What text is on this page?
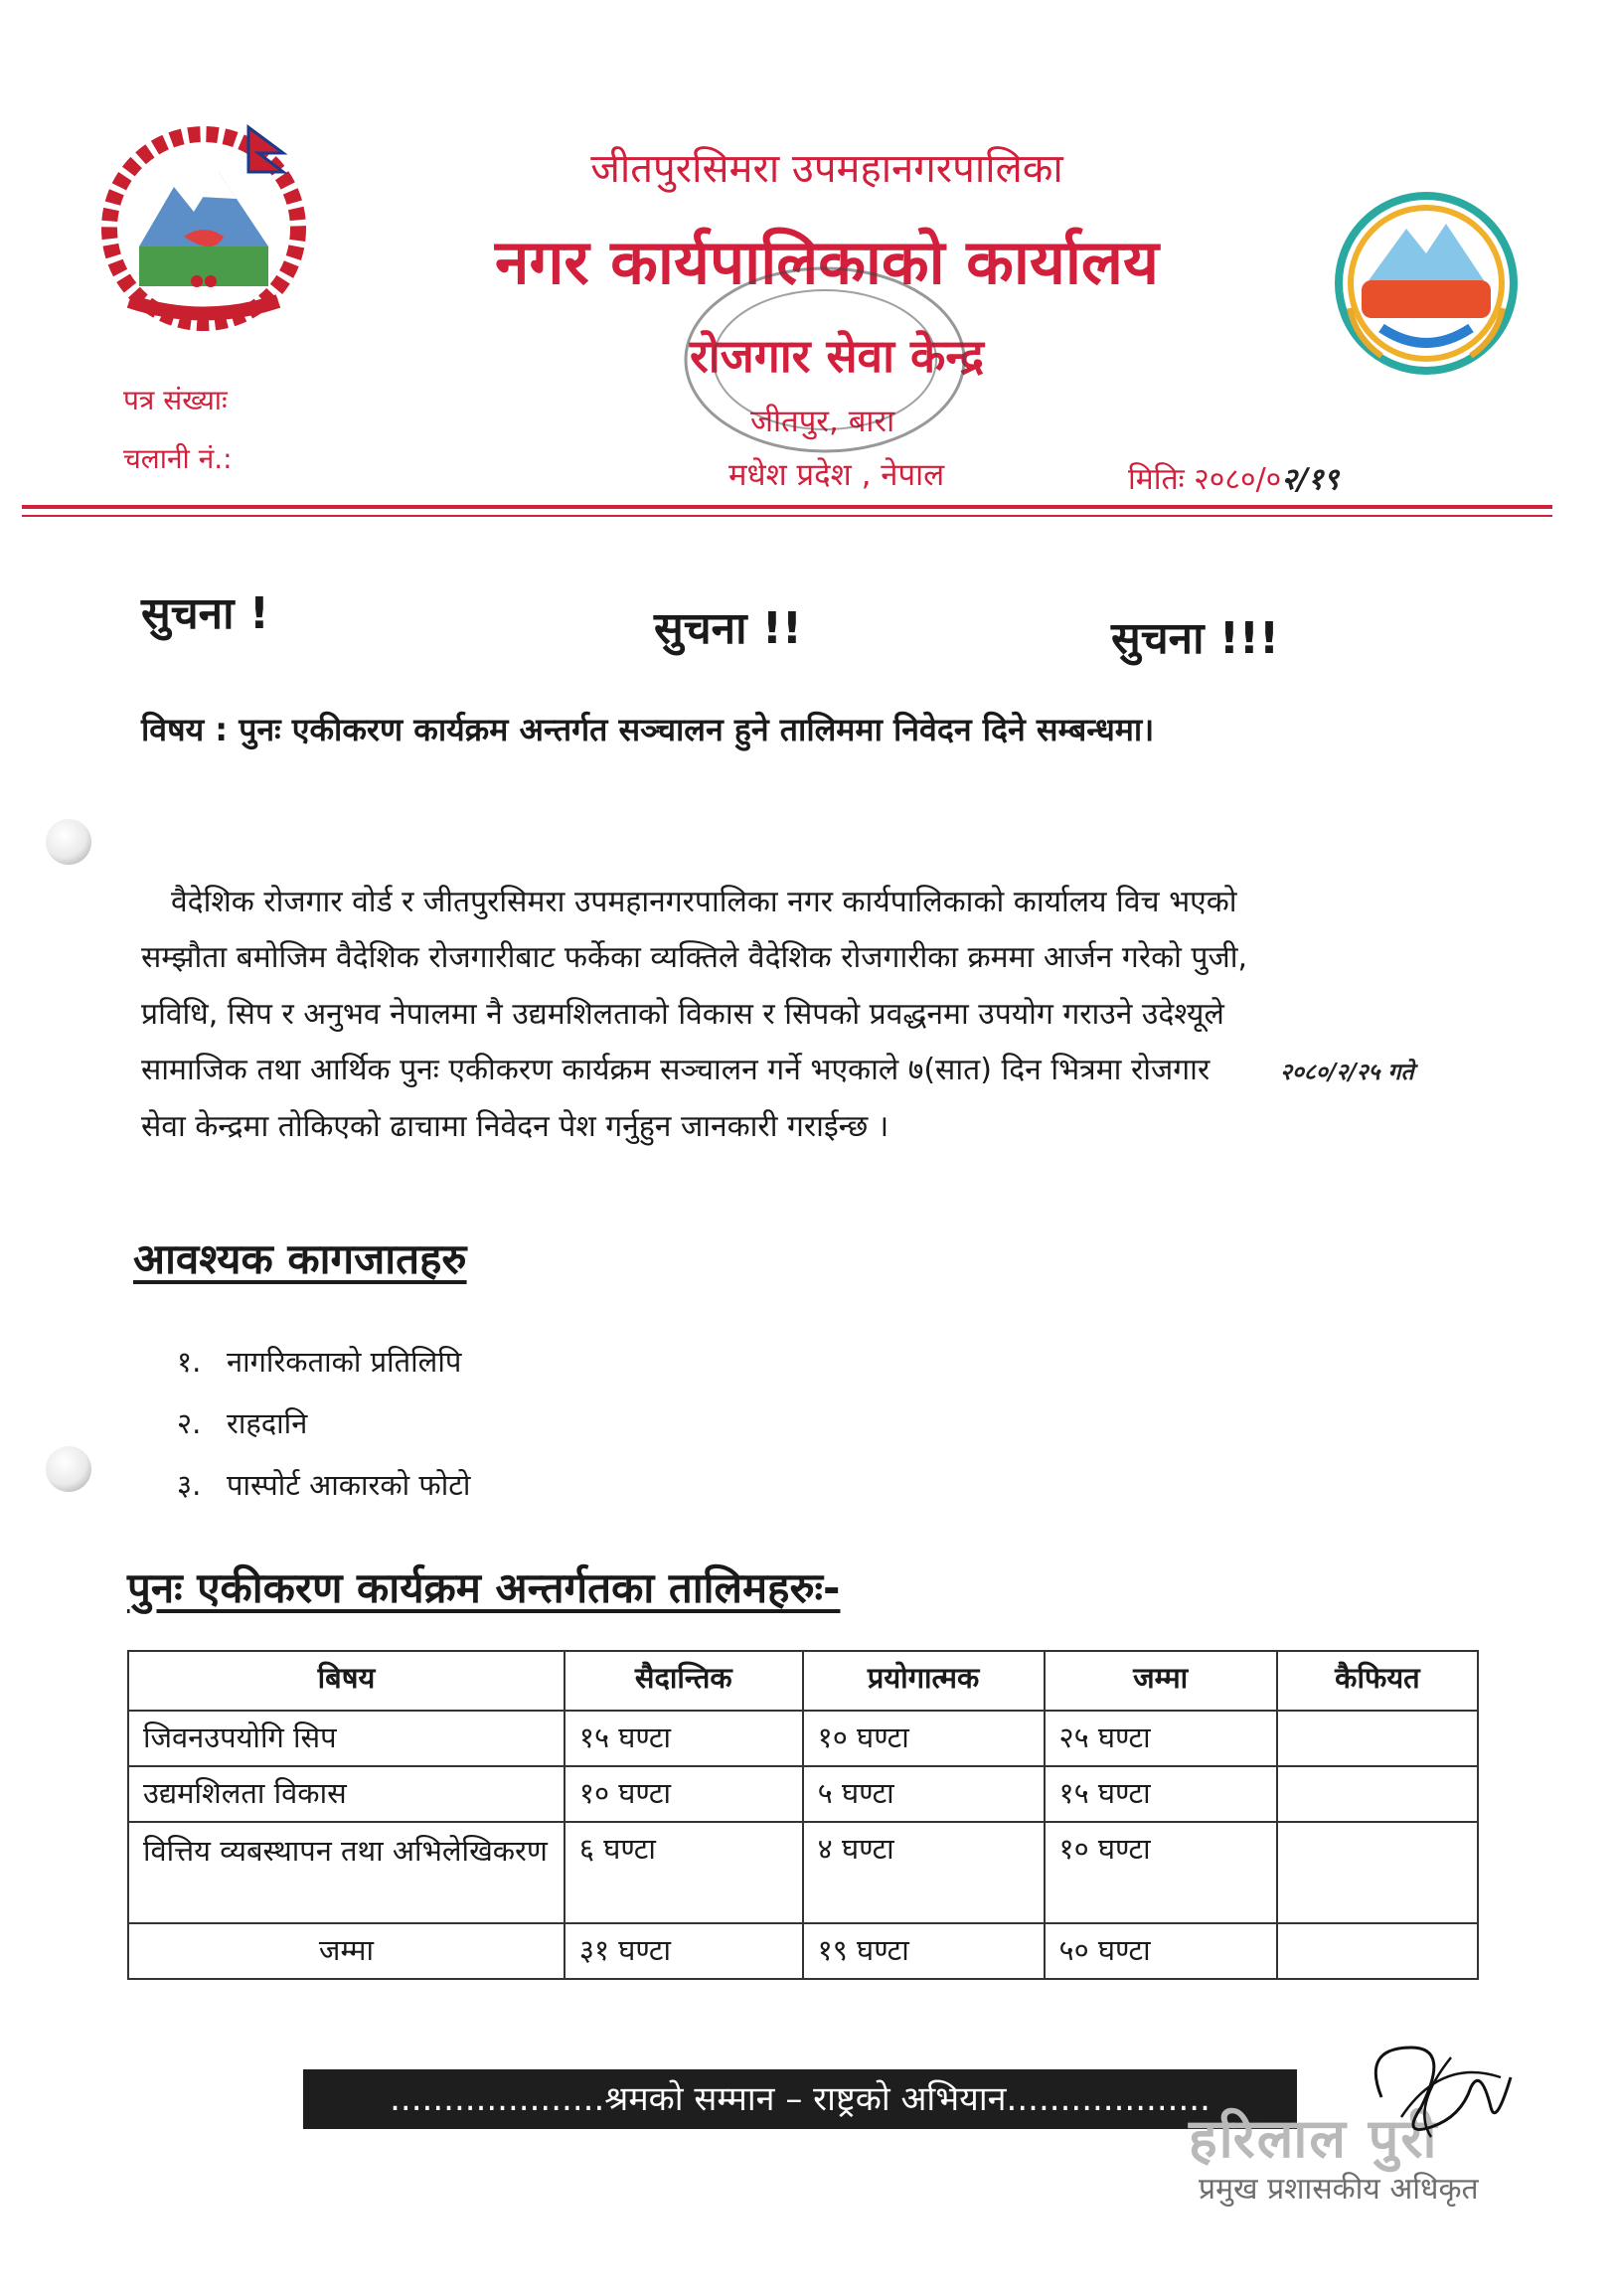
जीतपुरसिमरा उपमहानगरपालिका
नगर कार्यपालिकाको कार्यालय
रोजगार सेवा केन्द्र
जीतपुर, बारा
मधेश प्रदेश , नेपाल
पत्र संख्याः
चलानी नं.:
मितिः २०८०/०२/१९
सुचना !	सुचना !!	सुचना !!!
विषय : पुनः एकीकरण कार्यक्रम अन्तर्गत सञ्चालन हुने तालिममा निवेदन दिने सम्बन्धमा।
वैदेशिक रोजगार वोर्ड र जीतपुरसिमरा उपमहानगरपालिका नगर कार्यपालिकाको कार्यालय विच भएको
सम्झौता बमोजिम वैदेशिक रोजगारीबाट फर्केका व्यक्तिले वैदेशिक रोजगारीका क्रममा आर्जन गरेको पुजी,
प्रविधि, सिप र अनुभव नेपालमा नै उद्यमशिलताको विकास र सिपको प्रवद्धनमा उपयोग गराउने उदेश्यूले
सामाजिक तथा आर्थिक पुनः एकीकरण कार्यक्रम सञ्चालन गर्ने भएकाले ७(सात) दिन भित्रमा रोजगार
सेवा केन्द्रमा तोकिएको ढाचामा निवेदन पेश गर्नुहुन जानकारी गराईन्छ ।
२०८०/२/२५ गते
आवश्यक कागजातहरु
१. नागरिकताको प्रतिलिपि
२. राहदानि
३. पास्पोर्ट आकारको फोटो
पुनः एकीकरण कार्यक्रम अन्तर्गतका तालिमहरुः-
बिषय	सैदान्तिक	प्रयोगात्मक	जम्मा	कैफियत
जिवनउपयोगि सिप	१५ घण्टा	१० घण्टा	२५ घण्टा	
उद्यमशिलता विकास	१० घण्टा	५ घण्टा	१५ घण्टा	
वित्तिय व्यबस्थापन तथा अभिलेखिकरण	६ घण्टा	४ घण्टा	१० घण्टा	
जम्मा	३१ घण्टा	१९ घण्टा	५० घण्टा	
....................श्रमको सम्मान – राष्ट्रको अभियान...................
हरिलाल पुरी
प्रमुख प्रशासकीय अधिकृत
